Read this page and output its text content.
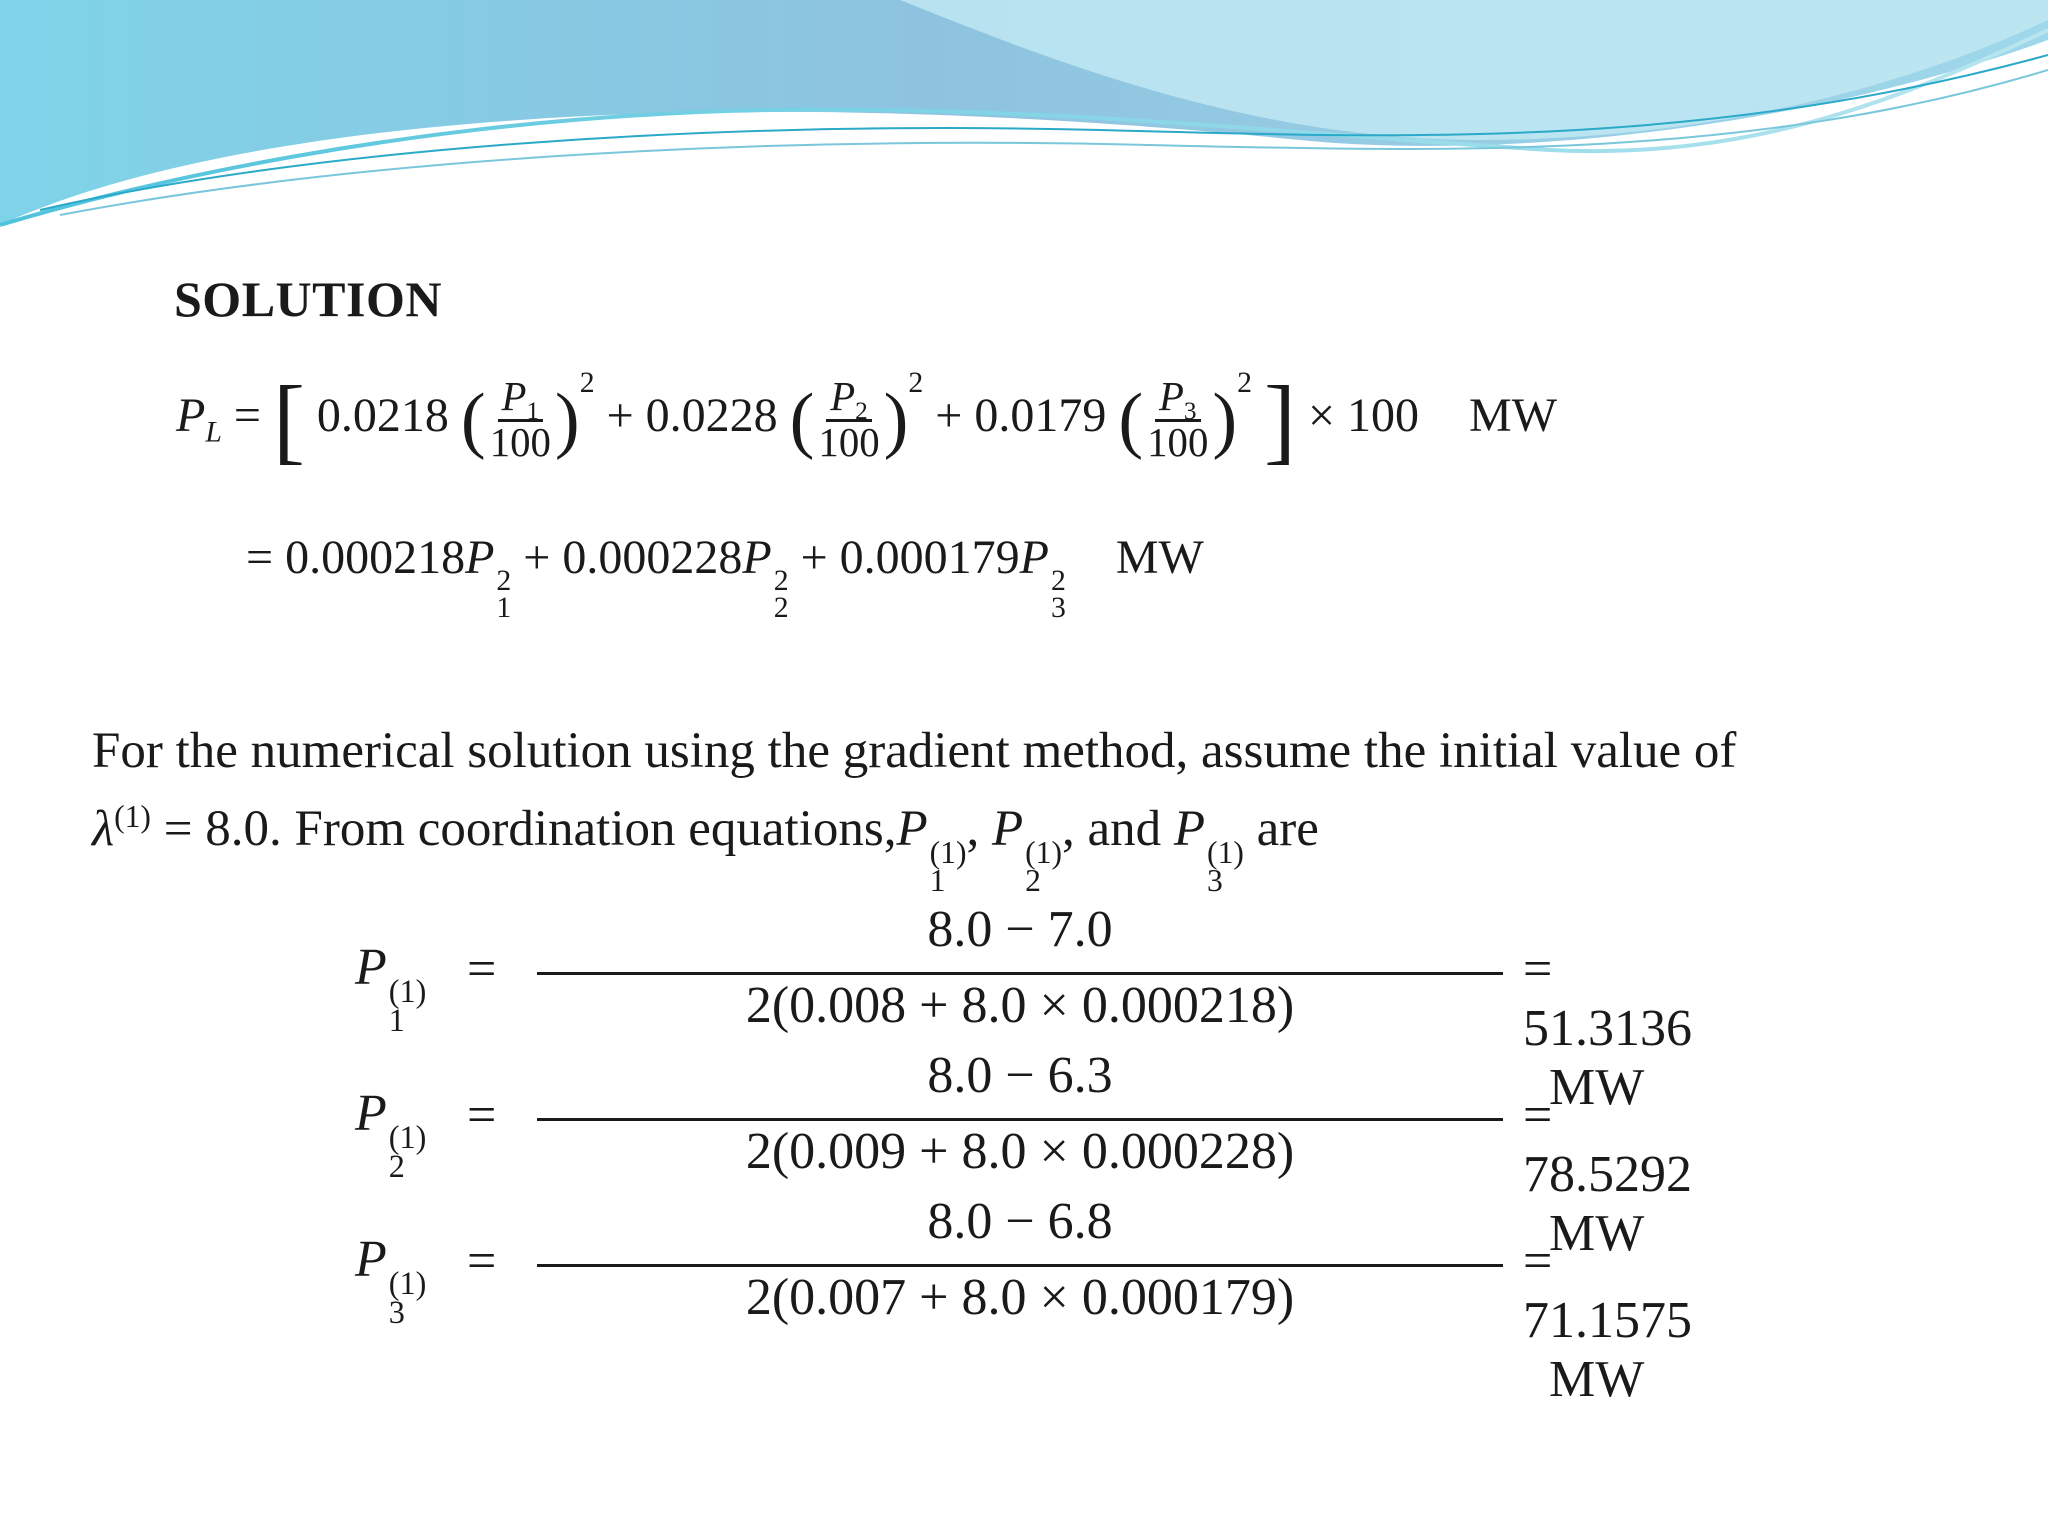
SOLUTION
$P_L$ = [ 0.0218 ( $\frac{P_1}{100} )^2 + 0.0228$ ( $\frac{P_2}{100} )^2 + 0.0179$ ( $\frac{P_3}{100} )^2$ ] × 100 MW
= 0.000218P 2
1
+ 0.000228P 2
2
+ 0.000179P 2
3
MW
For the numerical solution using the gradient method, assume the initial value of
$\lambda^{(1)} = 8.0$. From coordination equations,P (1)
1
, P (1)
2
, and P (1)
3
are
P (1)
1
=
8.0 − 7.0
2(0.008 + 8.0 × 0.000218)
= 51.3136MW
P (1)
2
=
8.0 − 6.3
2(0.009 + 8.0 × 0.000228)
= 78.5292MW
P (1)
3
=
8.0 − 6.8
2(0.007 + 8.0 × 0.000179)
= 71.1575MW
